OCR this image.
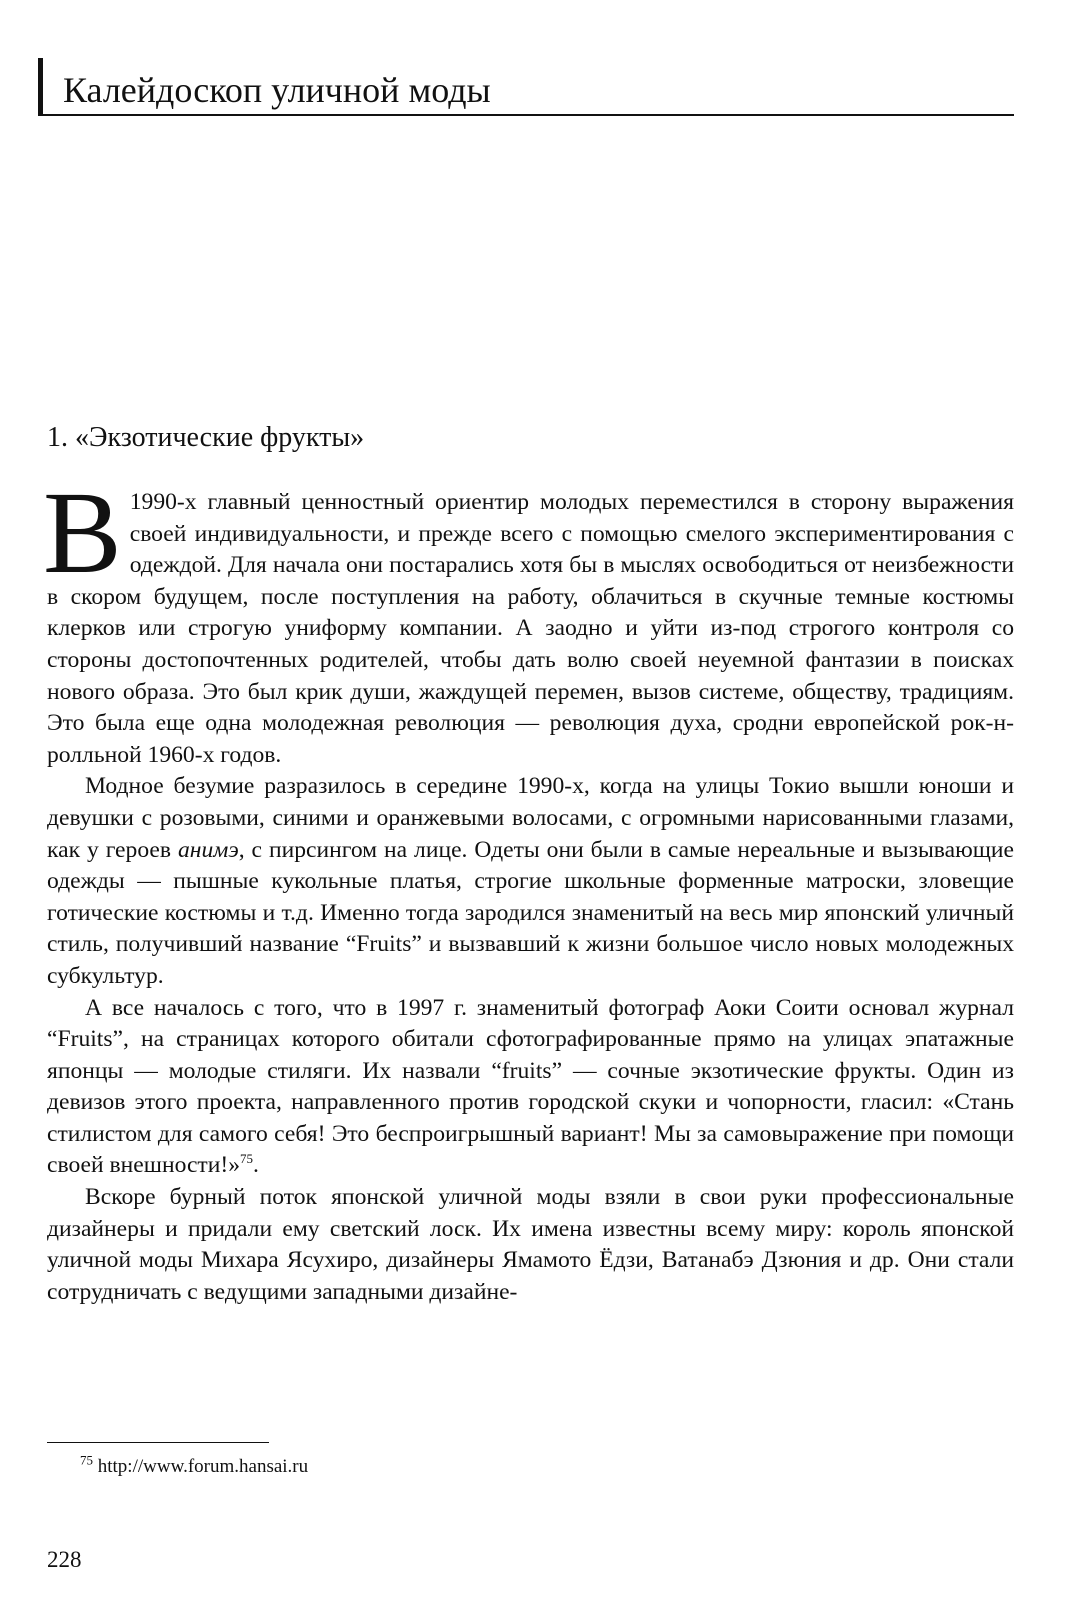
Калейдоскоп уличной моды
1. «Экзотические фрукты»

В 1990-х главный ценностный ориентир молодых переместился в сторону выражения своей индивидуальности, и прежде всего с помощью смелого экспериментирования с одеждой. Для начала они постарались хотя бы в мыслях освободиться от неизбежности в скором будущем, после поступления на работу, облачиться в скучные темные костюмы клерков или строгую униформу компании. А заодно и уйти из-под строгого контроля со стороны достопочтенных родителей, чтобы дать волю своей неуемной фантазии в поисках нового образа. Это был крик души, жаждущей перемен, вызов системе, обществу, традициям. Это была еще одна молодежная революция — революция духа, сродни европейской рок-н-ролльной 1960-х годов.

Модное безумие разразилось в середине 1990-х, когда на улицы Токио вышли юноши и девушки с розовыми, синими и оранжевыми волосами, с огромными нарисованными глазами, как у героев анимэ, с пирсингом на лице. Одеты они были в самые нереальные и вызывающие одежды — пышные кукольные платья, строгие школьные форменные матроски, зловещие готические костюмы и т.д. Именно тогда зародился знаменитый на весь мир японский уличный стиль, получивший название “Fruits” и вызвавший к жизни большое число новых молодежных субкультур.

А все началось с того, что в 1997 г. знаменитый фотограф Аоки Соити основал журнал “Fruits”, на страницах которого обитали сфотографированные прямо на улицах эпатажные японцы — молодые стиляги. Их назвали “fruits” — сочные экзотические фрукты. Один из девизов этого проекта, направленного против городской скуки и чопорности, гласил: «Стань стилистом для самого себя! Это беспроигрышный вариант! Мы за самовыражение при помощи своей внешности!»$^{75}$.

Вскоре бурный поток японской уличной моды взяли в свои руки профессиональные дизайнеры и придали ему светский лоск. Их имена известны всему миру: король японской уличной моды Михара Ясухиро, дизайнеры Ямамото Ёдзи, Ватанабэ Дзюния и др. Они стали сотрудничать с ведущими западными дизайне-

$^{75}$ http://www.forum.hansai.ru
228
